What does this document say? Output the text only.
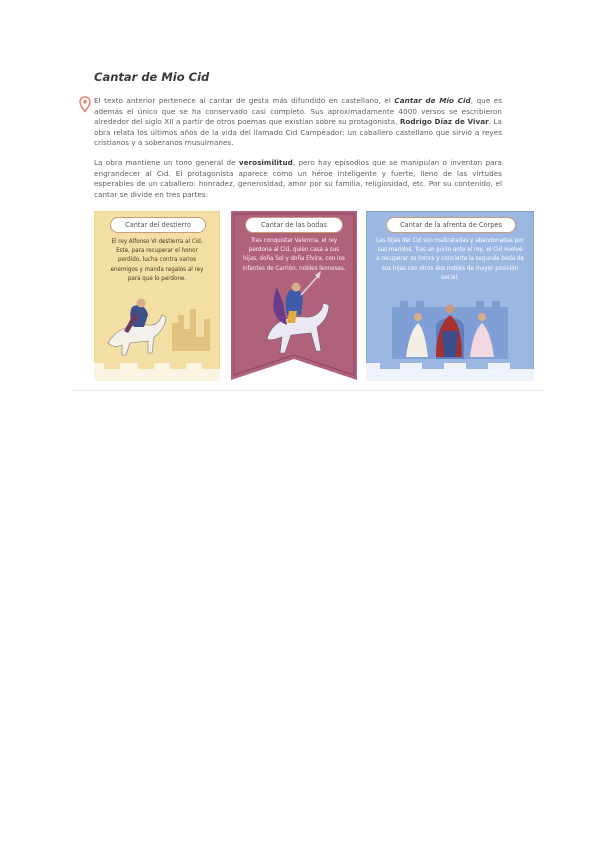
Cantar de Mio Cid
El texto anterior pertenece al cantar de gesta más difundido en castellano, el Cantar de Mio Cid, que es además el único que se ha conservado casi completo. Sus aproximadamente 4000 versos se escribieron alrededor del siglo XII a partir de otros poemas que existían sobre su protagonista, Rodrigo Díaz de Vivar. La obra relata los últimos años de la vida del llamado Cid Campeador: un caballero castellano que sirvió a reyes cristianos y a soberanos musulmanes.
La obra mantiene un tono general de verosimilitud, pero hay episodios que se manipulan o inventan para engrandecer al Cid. El protagonista aparece como un héroe inteligente y fuerte, lleno de las virtudes esperables de un caballero: honradez, generosidad, amor por su familia, religiosidad, etc. Por su contenido, el cantar se divide en tres partes:
Cantar del destierro
El rey Alfonso VI destierra al Cid. Este, para recuperar el honor perdido, lucha contra varios enemigos y manda regalos al rey para que lo perdone.
Cantar de las bodas
Tras conquistar Valencia, el rey perdona al Cid, quien casa a sus hijas, doña Sol y doña Elvira, con los infantes de Carrión, nobles leoneses.
Cantar de la afrenta de Corpes
Las hijas del Cid son maltratadas y abandonadas por sus maridos. Tras un juicio ante el rey, el Cid vuelve a recuperar su honra y concierta la segunda boda de sus hijas con otros dos nobles de mayor posición social.
